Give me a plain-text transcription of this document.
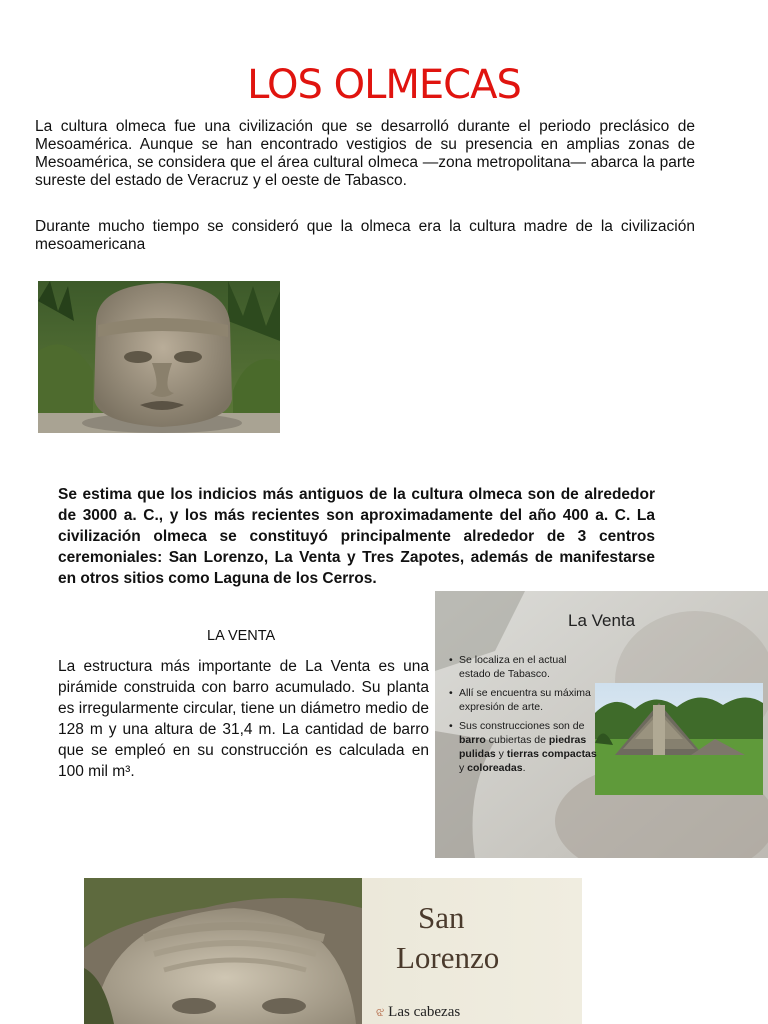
LOS OLMECAS

La cultura olmeca fue una civilización que se desarrolló durante el periodo preclásico de Mesoamérica. Aunque se han encontrado vestigios de su presencia en amplias zonas de Mesoamérica, se considera que el área cultural olmeca —zona metropolitana— abarca la parte sureste del estado de Veracruz y el oeste de Tabasco.

Durante mucho tiempo se consideró que la olmeca era la cultura madre de la civilización mesoamericana

Se estima que los indicios más antiguos de la cultura olmeca son de alrededor de 3000 a. C., y los más recientes son aproximadamente del año 400 a. C. La civilización olmeca se constituyó principalmente alrededor de 3 centros ceremoniales: San Lorenzo, La Venta y Tres Zapotes, además de manifestarse en otros sitios como Laguna de los Cerros.

LA VENTA

La estructura más importante de La Venta es una pirámide construida con barro acumulado. Su planta es irregularmente circular, tiene un diámetro medio de 128 m y una altura de 31,4 m. La cantidad de barro que se empleó en su construcción es calculada en 100 mil m³.

La Venta
• Se localiza en el actual estado de Tabasco.
• Allí se encuentra su máxima expresión de arte.
• Sus construcciones son de barro cubiertas de piedras pulidas y tierras compactas y coloreadas.
San
Lorenzo
ଝ Las cabezas
